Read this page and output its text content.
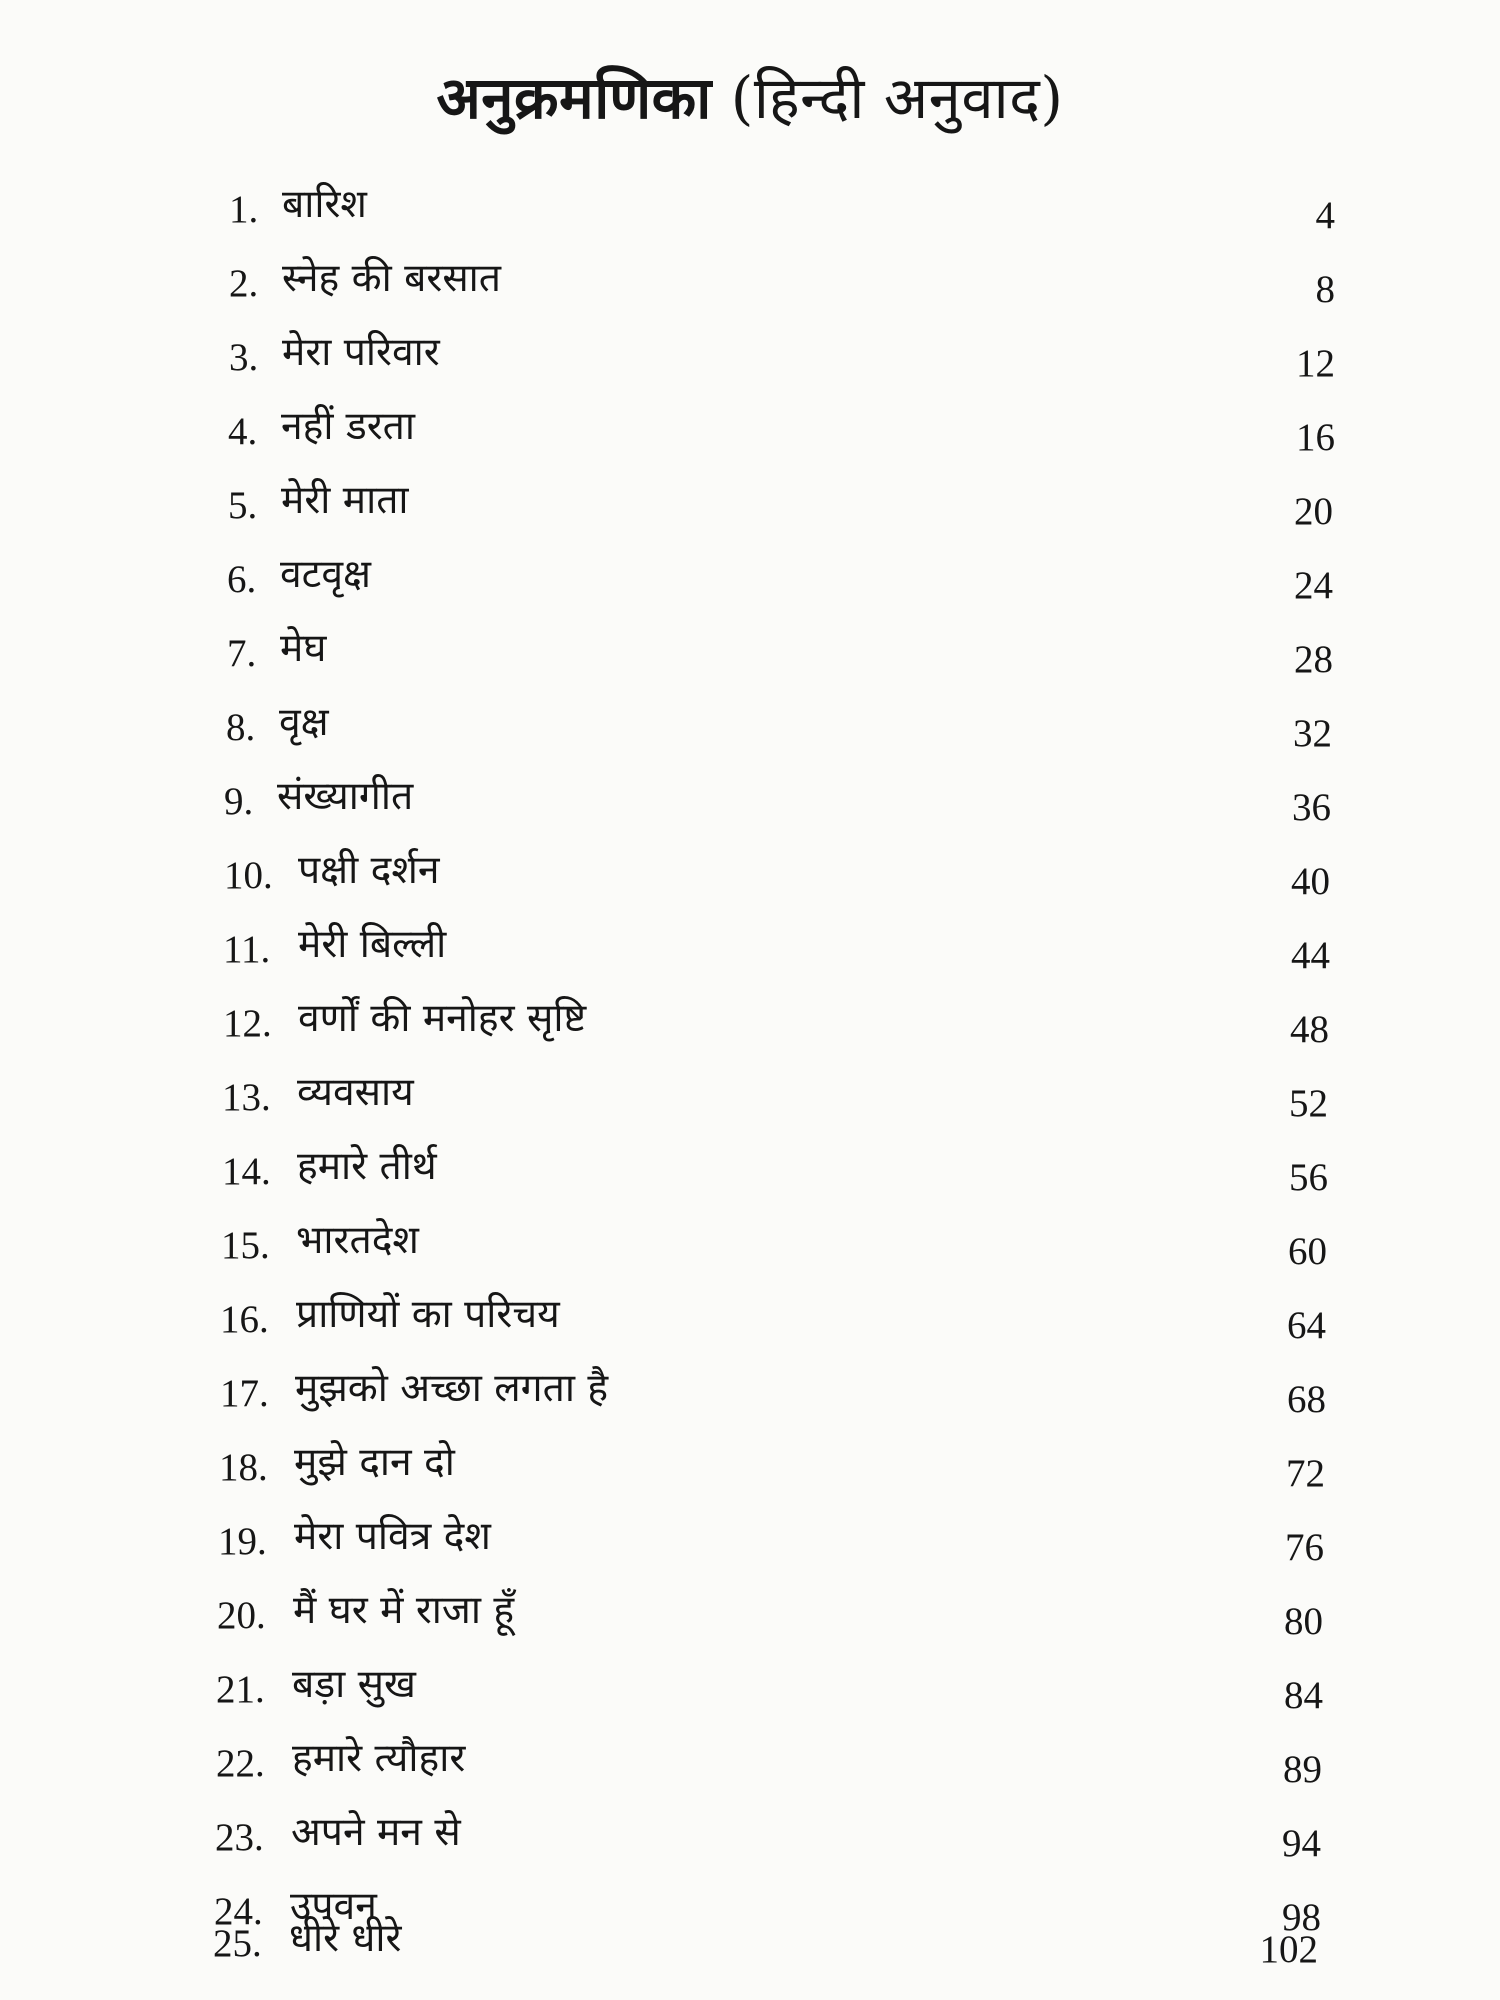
अनुक्रमणिका (हिन्दी अनुवाद)
1. बारिश	4
2. स्नेह की बरसात	8
3. मेरा परिवार	12
4. नहीं डरता	16
5. मेरी माता	20
6. वटवृक्ष	24
7. मेघ	28
8. वृक्ष	32
9. संख्यागीत	36
10. पक्षी दर्शन	40
11. मेरी बिल्ली	44
12. वर्णों की मनोहर सृष्टि	48
13. व्यवसाय	52
14. हमारे तीर्थ	56
15. भारतदेश	60
16. प्राणियों का परिचय	64
17. मुझको अच्छा लगता है	68
18. मुझे दान दो	72
19. मेरा पवित्र देश	76
20. मैं घर में राजा हूँ	80
21. बड़ा सुख	84
22. हमारे त्यौहार	89
23. अपने मन से	94
24. उपवन	98
25. धीरे धीरे	102
